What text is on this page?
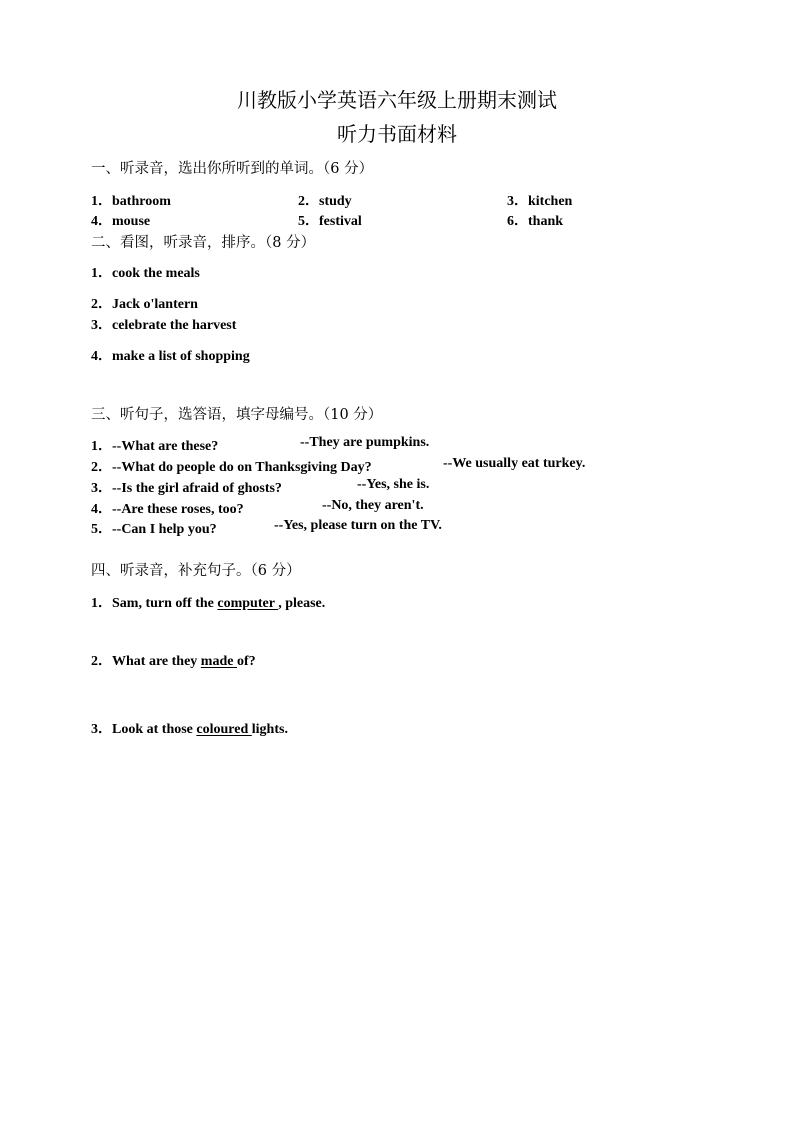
川教版小学英语六年级上册期末测试
听力书面材料
一、听录音，选出你所听到的单词。（6 分）
1．bathroom	2．study	3．kitchen
4．mouse	5．festival	6．thank
二、看图，听录音，排序。（8 分）
1．cook the meals
2．Jack o'lantern
3．celebrate the harvest
4．make a list of shopping
三、听句子，选答语，填字母编号。（10 分）
1．--What are these?	--They are pumpkins.
2．--What do people do on Thanksgiving Day?	--We usually eat turkey.
3．--Is the girl afraid of ghosts?	--Yes, she is.
4．--Are these roses, too?	--No, they aren't.
5．--Can I help you?	--Yes, please turn on the TV.
四、听录音，补充句子。（6 分）
1．Sam, turn off the computer , please.
2．What are they made of?
3．Look at those coloured lights.
